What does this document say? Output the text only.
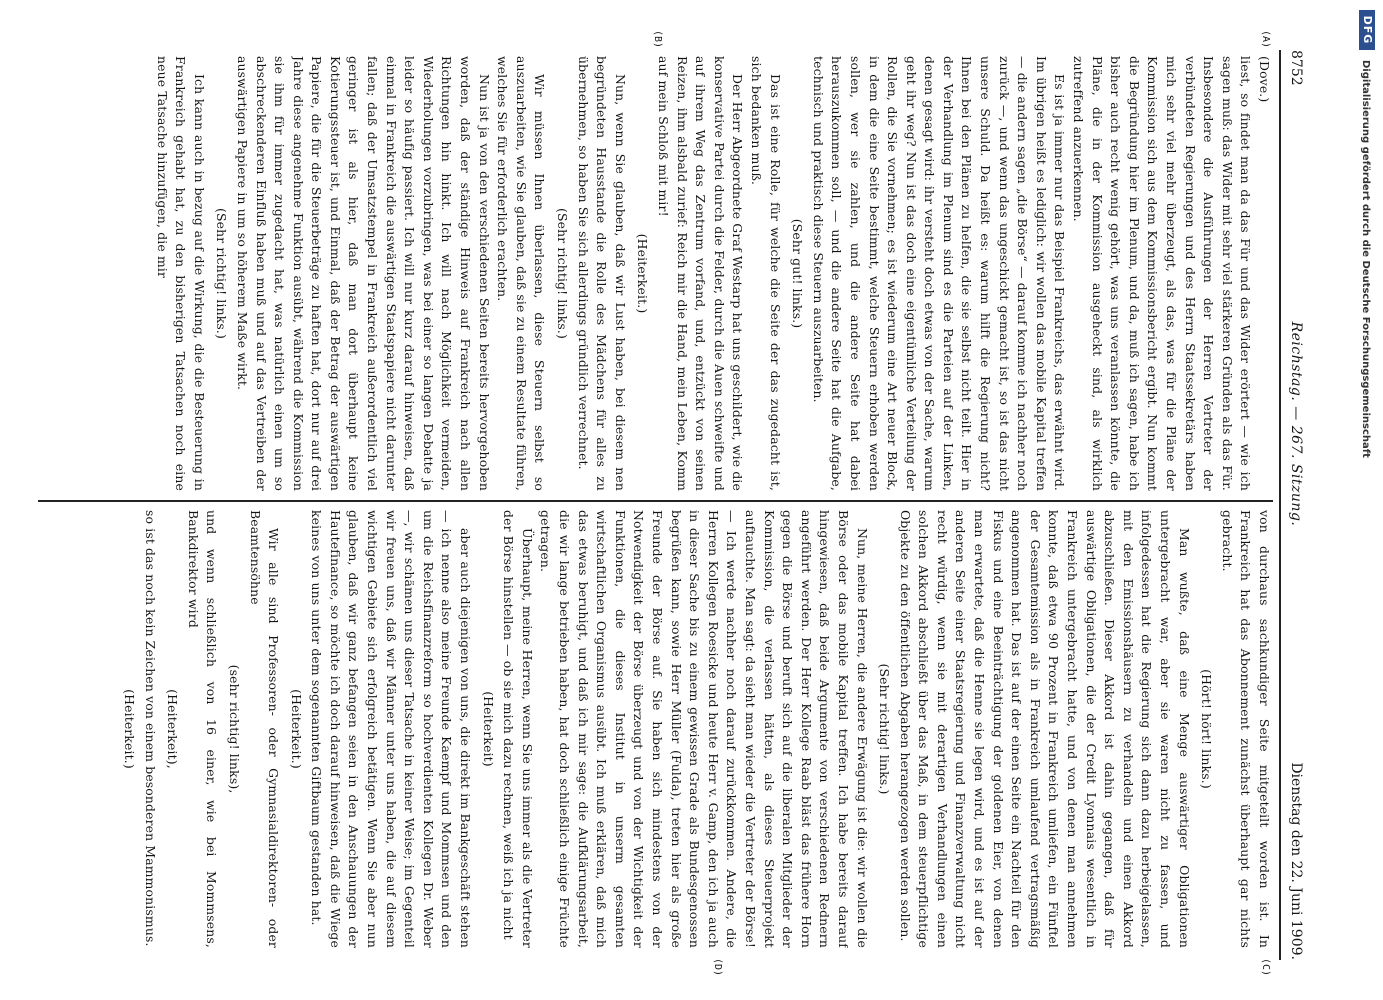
DFG
Digitalisierung gefördert durch die Deutsche Forschungsgemeinschaft
8752
Reichstag. — 267. Sitzung.
Dienstag den 22. Juni 1909.
(A)
(B)
(C)
(D)

(Dove.)

liest, so findet man da das Für und das Wider erörtert — wie ich sagen muß: das Wider mit sehr viel stärkeren Gründen als das Für. Insbesondere die Ausführungen der Herren Vertreter der verbündeten Regierungen und des Herrn Staatssekretärs haben mich sehr viel mehr überzeugt, als das, was für die Pläne der Kommission sich aus dem Kommissionsbericht ergibt. Nun kommt die Begründung hier im Plenum, und da, muß ich sagen, habe ich bisher auch recht wenig gehört, was uns veranlassen könnte, die Pläne, die in der Kommission ausgeheckt sind, als wirklich zutreffend anzuerkennen.

Es ist ja immer nur das Beispiel Frankreichs, das erwähnt wird. Im übrigen heißt es lediglich: wir wollen das mobile Kapital treffen — die andern sagen „die Börse“ — darauf komme ich nachher noch zurück —, und wenn das ungeschickt gemacht ist, so ist das nicht unsere Schuld. Da heißt es: warum hilft die Regierung nicht? Ihnen bei den Plänen zu helfen, die sie selbst nicht teilt. Hier in der Verhandlung im Plenum sind es die Parteien auf der Linken, denen gesagt wird: ihr versteht doch etwas von der Sache, warum geht ihr weg? Nun ist das doch eine eigentümliche Verteilung der Rollen, die Sie vornehmen; es ist wiederum eine Art neuer Block, in dem die eine Seite bestimmt, welche Steuern erhoben werden sollen, wer sie zahlen, und die andere Seite hat dabei herauszukommen soll, — und die andere Seite hat die Aufgabe, technisch und praktisch diese Steuern auszuarbeiten.

(Sehr gut! links.)

Das ist eine Rolle, für welche die Seite der das zugedacht ist, sich bedanken muß.

Der Herr Abgeordnete Graf Westarp hat uns geschildert, wie die konservative Partei durch die Felder, durch die Auen schweifte und auf ihrem Weg das Zentrum vorfand, und, entzückt von seinen Reizen, ihm alsbald zurief: Reich mir die Hand, mein Leben, Komm auf mein Schloß mit mir!

(Heiterkeit.)

Nun, wenn Sie glauben, daß wir Lust haben, bei diesem nen begründeten Hausstande die Rolle des Mädchens für alles zu übernehmen, so haben Sie sich allerdings gründlich verrechnet.

(Sehr richtig! links.)

Wir müssen Ihnen überlassen, diese Steuern selbst so auszuarbeiten, wie Sie glauben, daß sie zu einem Resultate führen, welches Sie für erforderlich erachten.

Nun ist ja von den verschiedenen Seiten bereits hervorgehoben worden, daß der ständige Hinweis auf Frankreich nach allen Richtungen hin hinkt. Ich will nach Möglichkeit vermeiden, Wiederholungen vorzubringen, was bei einer so langen Debatte ja leider so häufig passiert. Ich will nur kurz darauf hinweisen, daß einmal in Frankreich die auswärtigen Staatspapiere nicht darunter fallen; daß der Umsatzstempel in Frankreich außerordentlich viel geringer ist als hier, daß man dort überhaupt keine Kotierungssteuer ist, und Einmal, daß der Betrag der auswärtigen Papiere, die für die Steuerbeträge zu haften hat, dort nur auf drei Jahre diese angenehme Funktion ausübt, während die Kommission sie ihm für immer zugedacht hat, was natürlich einen um so abschreckenderen Einfluß haben muß und auf das Vertreiben der auswärtigen Papiere in um so höherem Maße wirkt.

(Sehr richtig! links.)

Ich kann auch in bezug auf die Wirkung, die die Besteuerung in Frankreich gehabt hat, zu den bisherigen Tatsachen noch eine neue Tatsache hinzufügen, die mir

von durchaus sachkundiger Seite mitgeteilt worden ist. In Frankreich hat das Abonnement zunächst überhaupt gar nichts gebracht.

(Hört! hört! links.)

Man wußte, daß eine Menge auswärtiger Obligationen untergebracht war, aber sie waren nicht zu fassen, und infolgedessen hat die Regierung sich dann dazu herbeigelassen, mit den Emissionshäusern zu verhandeln und einen Akkord abzuschließen. Dieser Akkord ist dahin gegangen, daß für auswärtige Obligationen, die der Credit Lyonnais wesentlich in Frankreich untergebracht hatte, und von denen man annehmen konnte, daß etwa 90 Prozent in Frankreich umliefen, ein Fünftel der Gesamtemission als in Frankreich umlaufend vertragsmäßig angenommen hat. Das ist auf der einen Seite ein Nachteil für den Fiskus und eine Beeinträchtigung der goldenen Eier, von denen man erwartete, daß die Henne sie legen wird, und es ist auf der anderen Seite einer Staatsregierung und Finanzverwaltung nicht recht würdig, wenn sie mit derartigen Verhandlungen einen solchen Akkord abschließt über das Maß, in dem steuerpflichtige Objekte zu den öffentlichen Abgaben herangezogen werden sollen.

(Sehr richtig! links.)

Nun, meine Herren, die andere Erwägung ist die: wir wollen die Börse oder das mobile Kapital treffen. Ich habe bereits darauf hingewiesen, daß beide Argumente von verschiedenen Rednern angeführt werden. Der Herr Kollege Raab bläst das frühere Horn gegen die Börse und beruft sich auf die liberalen Mitglieder der Kommission, die verlassen hätten, als dieses Steuerprojekt auftauchte. Man sagt: da sieht man wieder die Vertreter der Börse! — Ich werde nachher noch darauf zurückkommen. Andere, die Herren Kollegen Roesicke und heute Herr v. Gamp, den ich ja auch in dieser Sache bis zu einem gewissen Grade als Bundesgenossen begrüßen kann, sowie Herr Müller (Fulda), treten hier als große Freunde der Börse auf. Sie haben sich mindestens von der Notwendigkeit der Börse überzeugt und von der Wichtigkeit der Funktionen, die dieses Institut in unserm gesamten wirtschaftlichen Organismus ausübt. Ich muß erklären, daß mich das etwas beruhigt, und daß ich mir sage: die Aufklärungsarbeit, die wir lange betrieben haben, hat doch schließlich einige Früchte getragen.

Überhaupt, meine Herren, wenn Sie uns immer als die Vertreter der Börse hinstellen — ob sie mich dazu rechnen, weiß ich ja nicht

(Heiterkeit)

aber auch diejenigen von uns, die direkt im Bankgeschäft stehen — ich nenne also meine Freunde Kaempf und Mommsen und den um die Reichsfinanzreform so hochverdienten Kollegen Dr. Weber —, wir schämen uns dieser Tatsache in keiner Weise; im Gegenteil wir freuen uns, daß wir Männer unter uns haben, die auf diesem wichtigen Gebiete sich erfolgreich betätigen. Wenn Sie aber nun glauben, daß wir ganz befangen seien in den Anschauungen der Hautefinance, so möchte ich doch darauf hinweisen, daß die Wiege keines von uns unter dem sogenannten Giftbaum gestanden hat.

(Heiterkeit.)

Wir alle sind Professoren- oder Gymnasialdirektoren- oder Beamtensöhne

(sehr richtig! links),

und wenn schließlich von 16 einer, wie bei Mommsens, Bankdirektor wird

(Heiterkeit),

so ist das noch kein Zeichen von einem besonderen Mammonismus.

(Heiterkeit.)
